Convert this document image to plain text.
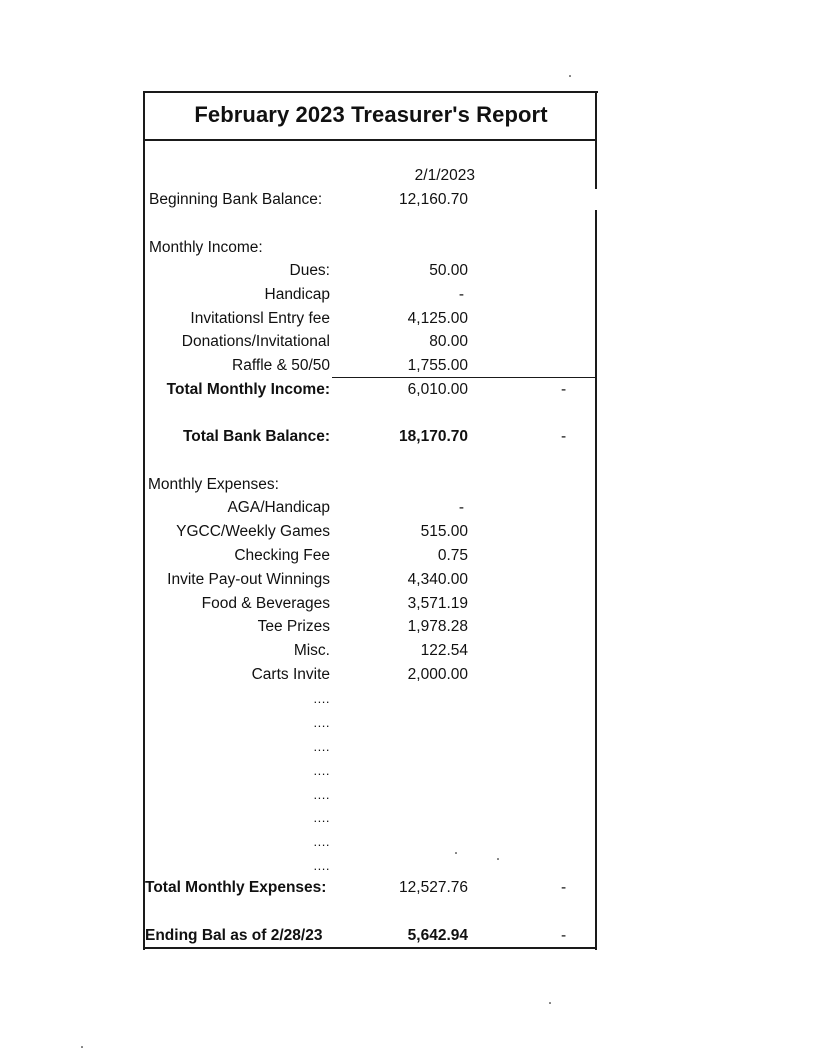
February 2023 Treasurer's Report
2/1/2023
Beginning Bank Balance:	12,160.70
Monthly Income:
Dues:	50.00
Handicap	-
Invitationsl Entry fee	4,125.00
Donations/Invitational	80.00
Raffle & 50/50	1,755.00
Total Monthly Income:	6,010.00	-
Total Bank Balance:	18,170.70	-
Monthly Expenses:
AGA/Handicap	-
YGCC/Weekly Games	515.00
Checking Fee	0.75
Invite Pay-out Winnings	4,340.00
Food & Beverages	3,571.19
Tee Prizes	1,978.28
Misc.	122.54
Carts Invite	2,000.00
....
....
....
....
....
....
....
....
Total Monthly Expenses:	12,527.76	-
Ending Bal as of 2/28/23	5,642.94	-
